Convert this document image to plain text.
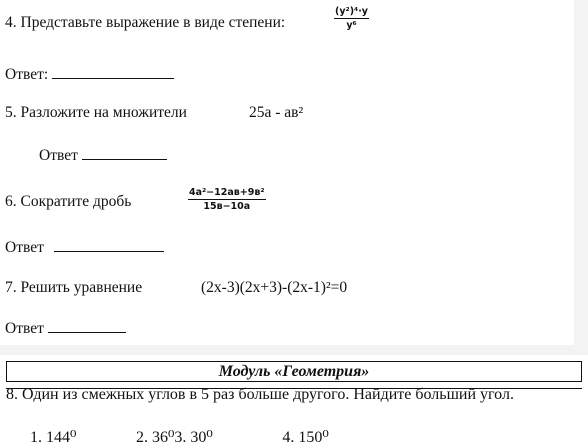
4. Представьте выражение в виде степени:	$\frac{\text{(y²)⁴·y}}{\text{y⁶}}$
Ответ:
5. Разложите на множители	25а - ав²
Ответ
6. Сократите дробь
4а²−12ав+9в²
15в−10а
Ответ
7. Решить уравнение	(2х-3)(2х+3)-(2х-1)²=0
Ответ
Модуль «Геометрия»
8. Один из смежных углов в 5 раз больше другого. Найдите больший угол.
1. 144⁰	2. 36⁰3. 30⁰	4. 150⁰
